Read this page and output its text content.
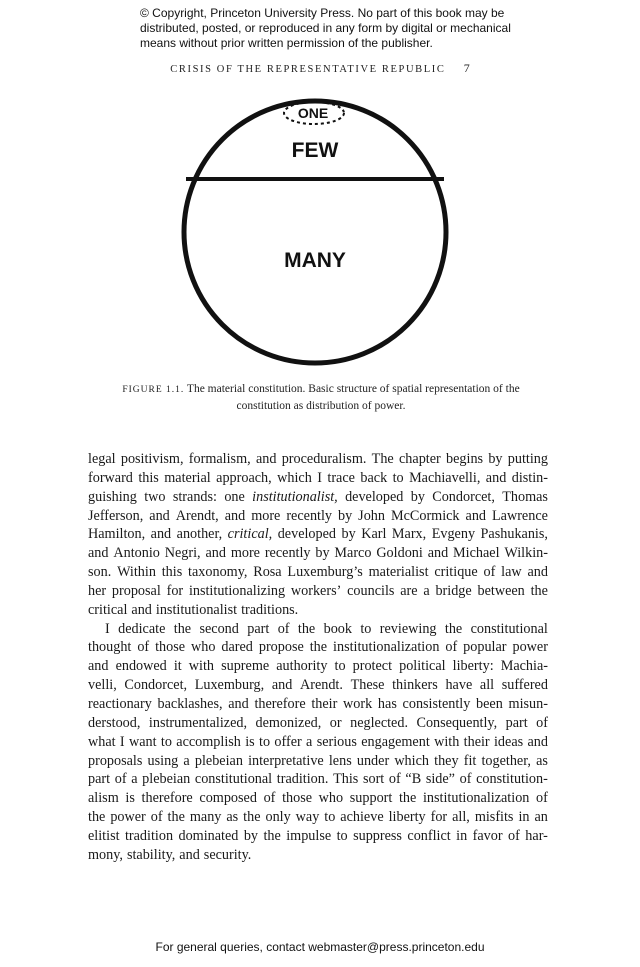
© Copyright, Princeton University Press. No part of this book may be
distributed, posted, or reproduced in any form by digital or mechanical
means without prior written permission of the publisher.
CRISIS OF THE REPRESENTATIVE REPUBLIC 7
ONE
FEW
MANY
FIGURE 1.1. The material constitution. Basic structure of spatial representation of the
constitution as distribution of power.
legal positivism, formalism, and proceduralism. The chapter begins by putting
forward this material approach, which I trace back to Machiavelli, and distin-
guishing two strands: one institutionalist, developed by Condorcet, Thomas
Jefferson, and Arendt, and more recently by John McCormick and Lawrence
Hamilton, and another, critical, developed by Karl Marx, Evgeny Pashukanis,
and Antonio Negri, and more recently by Marco Goldoni and Michael Wilkin-
son. Within this taxonomy, Rosa Luxemburg’s materialist critique of law and
her proposal for institutionalizing workers’ councils are a bridge between the
critical and institutionalist traditions.
I dedicate the second part of the book to reviewing the constitutional
thought of those who dared propose the institutionalization of popular power
and endowed it with supreme authority to protect political liberty: Machia-
velli, Condorcet, Luxemburg, and Arendt. These thinkers have all suffered
reactionary backlashes, and therefore their work has consistently been misun-
derstood, instrumentalized, demonized, or neglected. Consequently, part of
what I want to accomplish is to offer a serious engagement with their ideas and
proposals using a plebeian interpretative lens under which they fit together, as
part of a plebeian constitutional tradition. This sort of “B side” of constitution-
alism is therefore composed of those who support the institutionalization of
the power of the many as the only way to achieve liberty for all, misfits in an
elitist tradition dominated by the impulse to suppress conflict in favor of har-
mony, stability, and security.
For general queries, contact webmaster@press.princeton.edu
